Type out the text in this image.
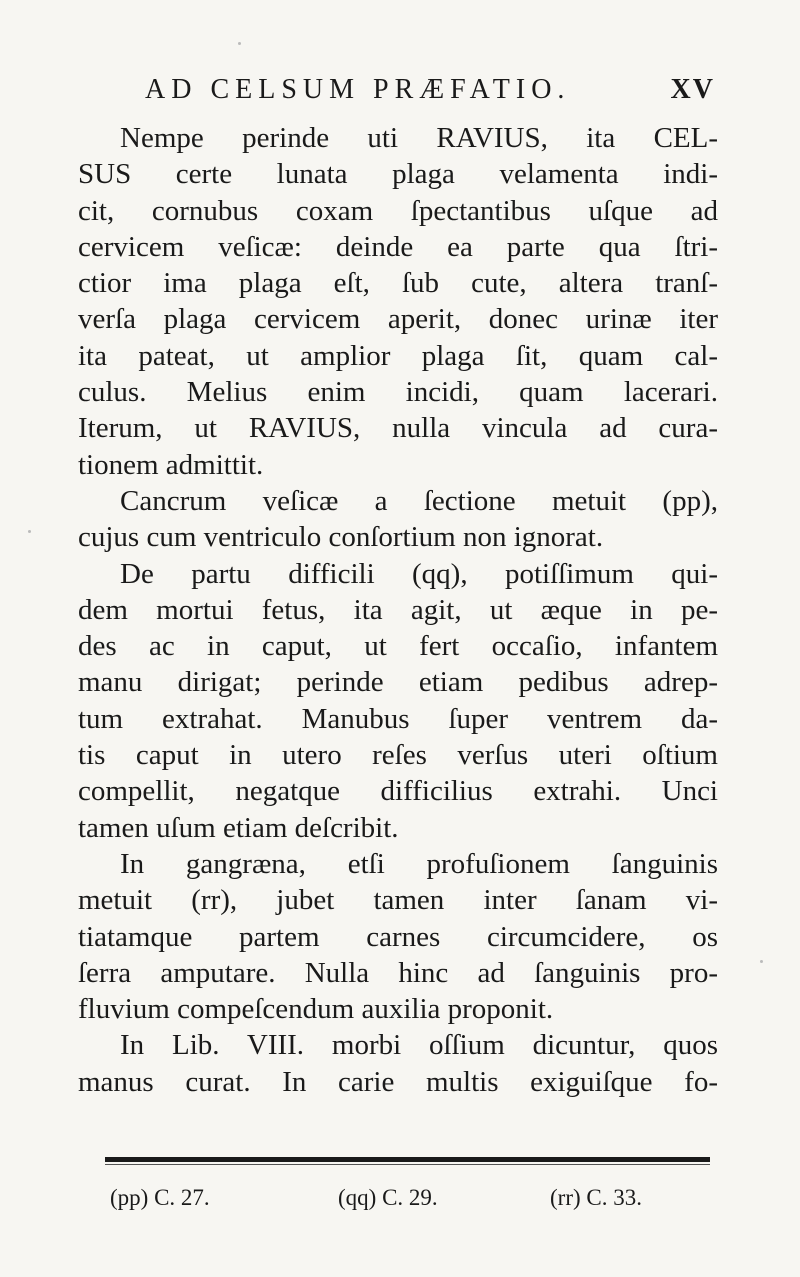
AD CELSUM PRÆFATIO.	XV
Nempe perinde uti RAVIUS, ita CEL-
SUS certe lunata plaga velamenta indi-
cit, cornubus coxam ſpectantibus uſque ad
cervicem veſicæ: deinde ea parte qua ſtri-
ctior ima plaga eſt, ſub cute, altera tranſ-
verſa plaga cervicem aperit, donec urinæ iter
ita pateat, ut amplior plaga ſit, quam cal-
culus. Melius enim incidi, quam lacerari.
Iterum, ut RAVIUS, nulla vincula ad cura-
tionem admittit.
Cancrum veſicæ a ſectione metuit (pp),
cujus cum ventriculo conſortium non ignorat.
De partu difficili (qq), potiſſimum qui-
dem mortui fetus, ita agit, ut æque in pe-
des ac in caput, ut fert occaſio, infantem
manu dirigat; perinde etiam pedibus adrep-
tum extrahat. Manubus ſuper ventrem da-
tis caput in utero reſes verſus uteri oſtium
compellit, negatque difficilius extrahi. Unci
tamen uſum etiam deſcribit.
In gangræna, etſi profuſionem ſanguinis
metuit (rr), jubet tamen inter ſanam vi-
tiatamque partem carnes circumcidere, os
ſerra amputare. Nulla hinc ad ſanguinis pro-
fluvium compeſcendum auxilia proponit.
In Lib. VIII. morbi oſſium dicuntur, quos
manus curat. In carie multis exiguiſque fo-
(pp) C. 27.	(qq) C. 29.	(rr) C. 33.
